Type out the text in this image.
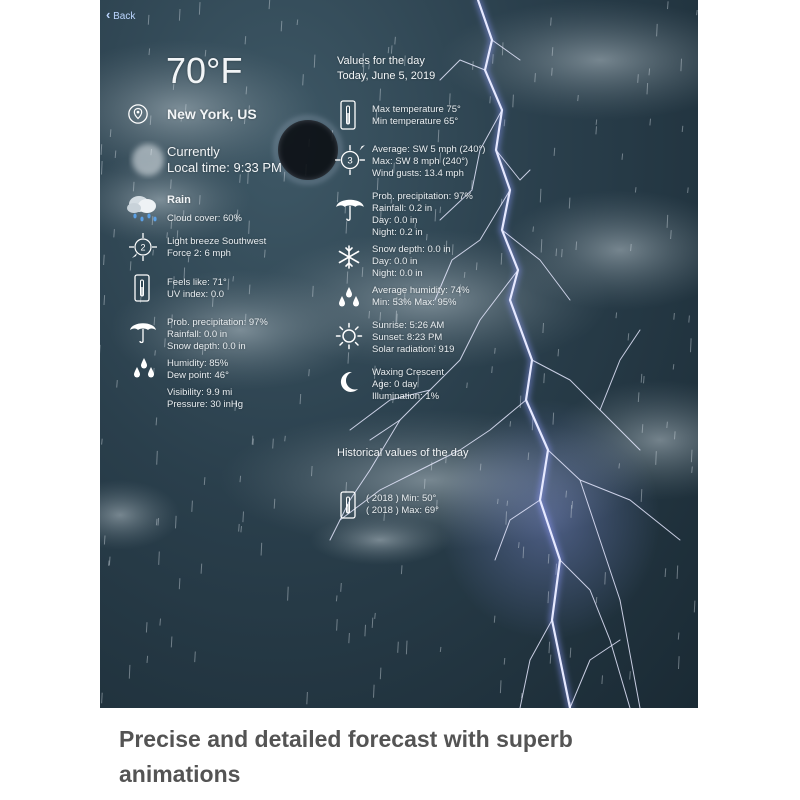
‹ Back
70°F
New York, US
Currently
Local time: 9:33 PM
Rain
Cloud cover: 60%
2
Light breeze Southwest
Force 2: 6 mph
Feels like: 71°
UV index: 0.0
Prob. precipitation: 97%
Rainfall: 0.0 in
Snow depth: 0.0 in
Humidity: 85%
Dew point: 46°
Visibility: 9.9 mi
Pressure: 30 inHg
Values for the day
Today, June 5, 2019
Max temperature 75°
Min temperature 65°
3
Average: SW 5 mph (240°)
Max: SW 8 mph (240°)
Wind gusts: 13.4 mph
Prob. precipitation: 97%
Rainfall: 0.2 in
Day: 0.0 in
Night: 0.2 in
Snow depth: 0.0 in
Day: 0.0 in
Night: 0.0 in
Average humidity: 74%
Min: 53% Max: 95%
Sunrise: 5:26 AM
Sunset: 8:23 PM
Solar radiation: 919
Waxing Crescent
Age: 0 day
Illumination: 1%
Historical values of the day
( 2018 ) Min: 50°
( 2018 ) Max: 69°
Precise and detailed forecast with superb animations
